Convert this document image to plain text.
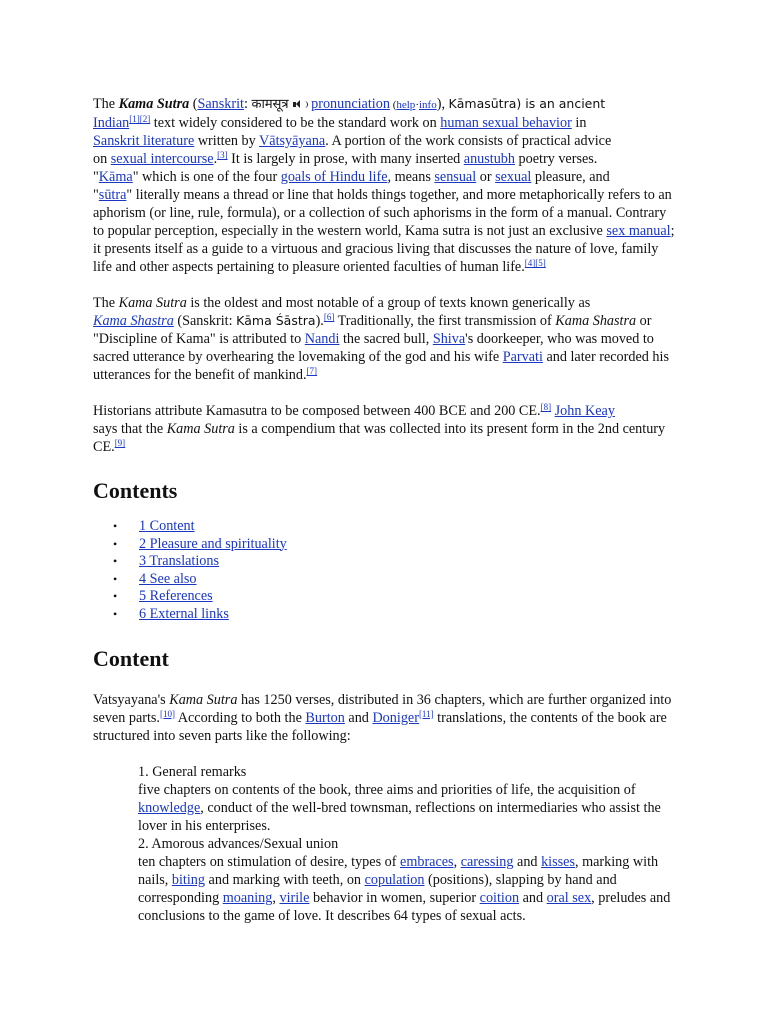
The Kama Sutra (Sanskrit: कामसूत्र pronunciation (help·info), Kāmasūtra) is an ancient
Indian[1][2] text widely considered to be the standard work on human sexual behavior in
Sanskrit literature written by Vātsyāyana. A portion of the work consists of practical advice
on sexual intercourse.[3] It is largely in prose, with many inserted anustubh poetry verses.
"Kāma" which is one of the four goals of Hindu life, means sensual or sexual pleasure, and
"sūtra" literally means a thread or line that holds things together, and more metaphorically refers to an aphorism (or line, rule, formula), or a collection of such aphorisms in the form of a manual. Contrary to popular perception, especially in the western world, Kama sutra is not just an exclusive sex manual; it presents itself as a guide to a virtuous and gracious living that discusses the nature of love, family life and other aspects pertaining to pleasure oriented faculties of human life.[4][5]

The Kama Sutra is the oldest and most notable of a group of texts known generically as
Kama Shastra (Sanskrit: Kāma Śāstra).[6] Traditionally, the first transmission of Kama Shastra or "Discipline of Kama" is attributed to Nandi the sacred bull, Shiva's doorkeeper, who was moved to sacred utterance by overhearing the lovemaking of the god and his wife Parvati and later recorded his utterances for the benefit of mankind.[7]

Historians attribute Kamasutra to be composed between 400 BCE and 200 CE.[8] John Keay
says that the Kama Sutra is a compendium that was collected into its present form in the 2nd century CE.[9]

Contents
• 1 Content
• 2 Pleasure and spirituality
• 3 Translations
• 4 See also
• 5 References
• 6 External links
Content

Vatsyayana's Kama Sutra has 1250 verses, distributed in 36 chapters, which are further organized into seven parts.[10] According to both the Burton and Doniger[11] translations, the contents of the book are structured into seven parts like the following:

1. General remarks

five chapters on contents of the book, three aims and priorities of life, the acquisition of knowledge, conduct of the well-bred townsman, reflections on intermediaries who assist the lover in his enterprises.

2. Amorous advances/Sexual union

ten chapters on stimulation of desire, types of embraces, caressing and kisses, marking with nails, biting and marking with teeth, on copulation (positions), slapping by hand and corresponding moaning, virile behavior in women, superior coition and oral sex, preludes and conclusions to the game of love. It describes 64 types of sexual acts.
